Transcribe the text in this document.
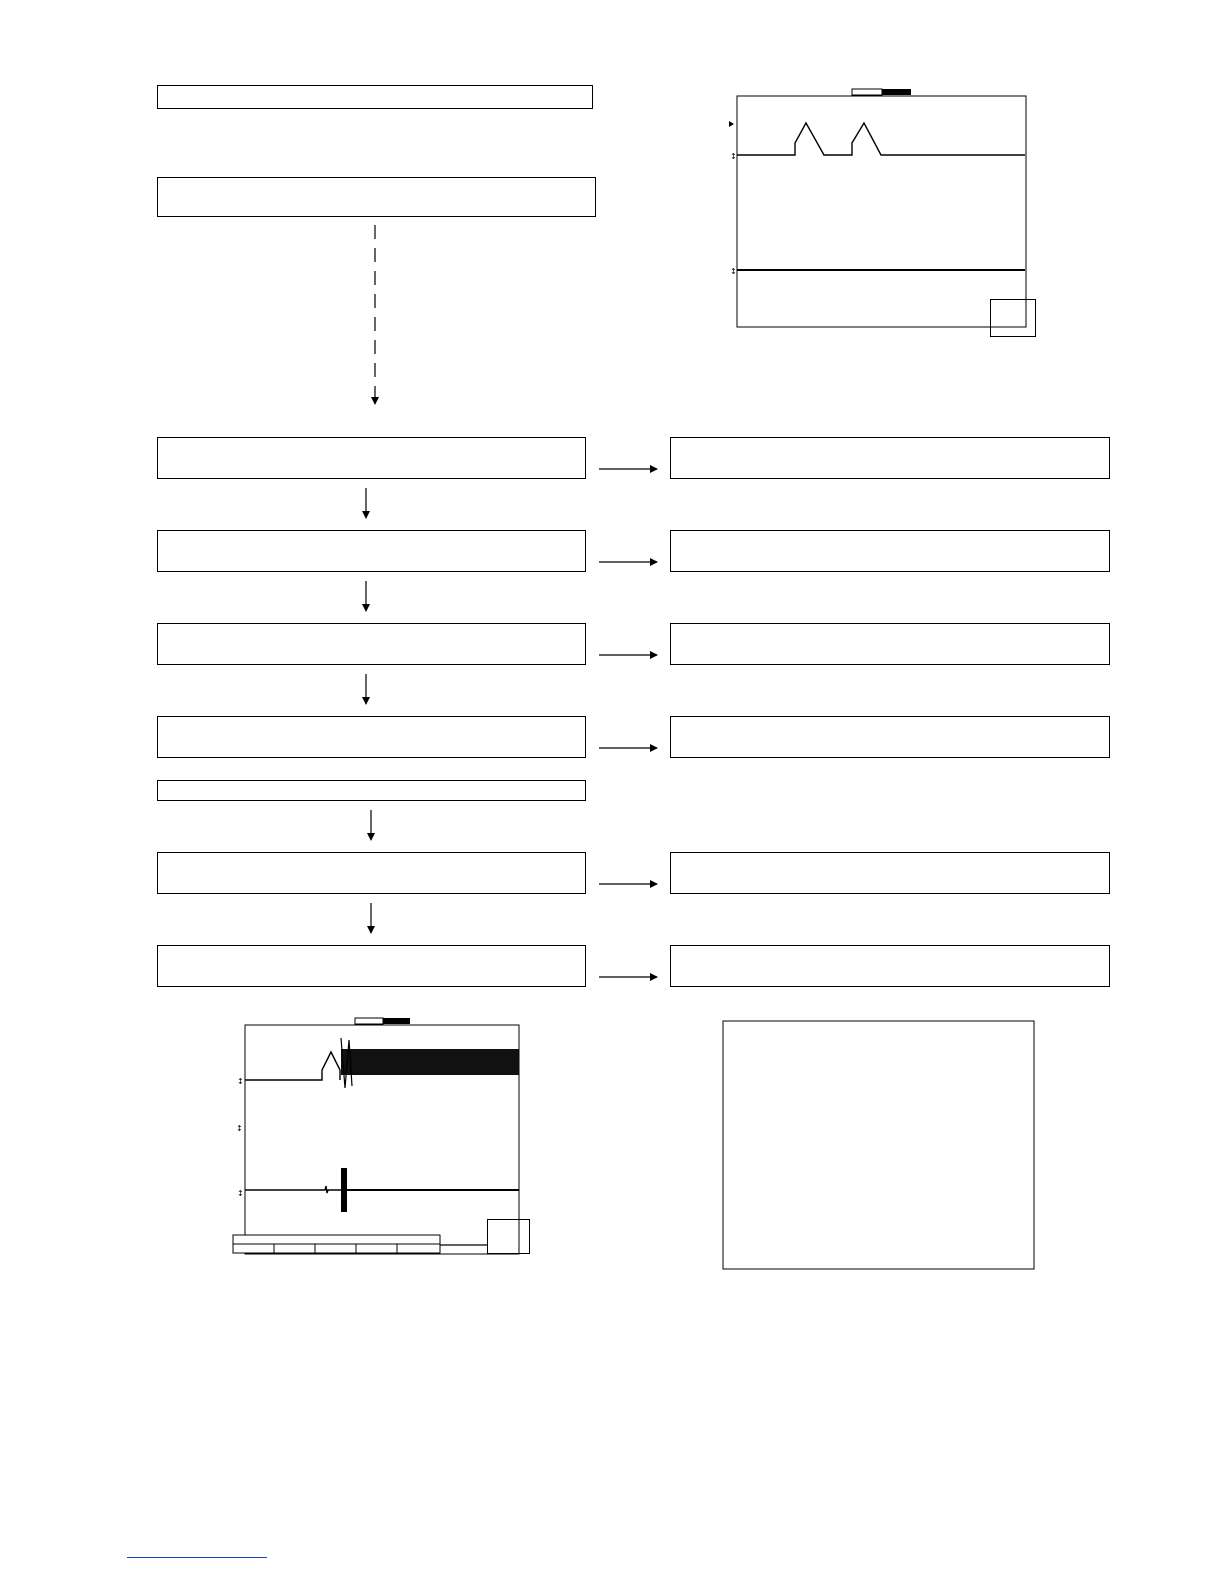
↕
↕
↕
↕
↕
